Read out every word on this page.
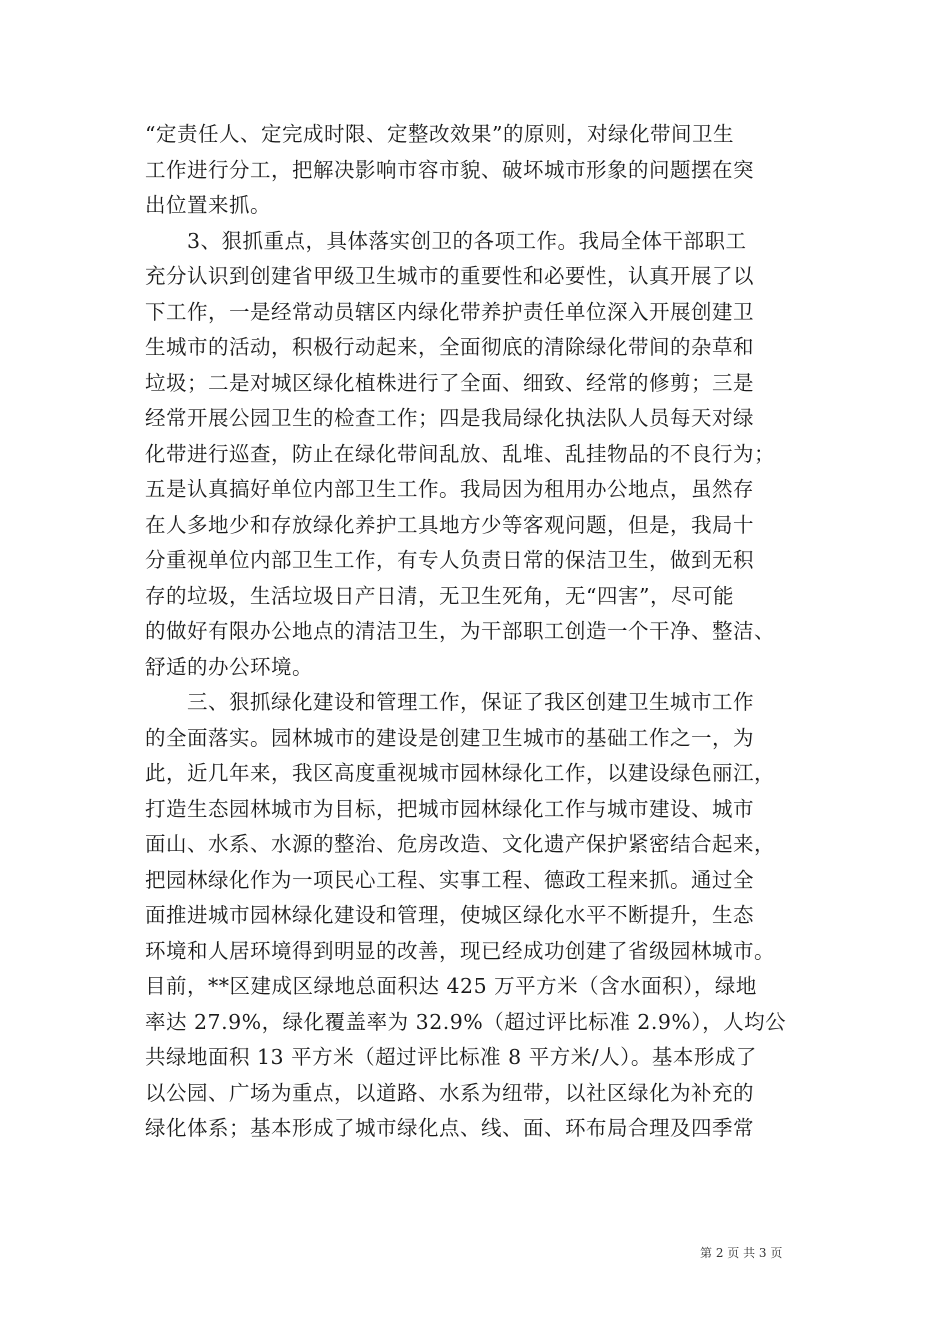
“定责任人、定完成时限、定整改效果”的原则，对绿化带间卫生
工作进行分工，把解决影响市容市貌、破坏城市形象的问题摆在突
出位置来抓。
3、狠抓重点，具体落实创卫的各项工作。我局全体干部职工
充分认识到创建省甲级卫生城市的重要性和必要性，认真开展了以
下工作，一是经常动员辖区内绿化带养护责任单位深入开展创建卫
生城市的活动，积极行动起来，全面彻底的清除绿化带间的杂草和
垃圾；二是对城区绿化植株进行了全面、细致、经常的修剪；三是
经常开展公园卫生的检查工作；四是我局绿化执法队人员每天对绿
化带进行巡查，防止在绿化带间乱放、乱堆、乱挂物品的不良行为；
五是认真搞好单位内部卫生工作。我局因为租用办公地点，虽然存
在人多地少和存放绿化养护工具地方少等客观问题，但是，我局十
分重视单位内部卫生工作，有专人负责日常的保洁卫生，做到无积
存的垃圾，生活垃圾日产日清，无卫生死角，无“四害”，尽可能
的做好有限办公地点的清洁卫生，为干部职工创造一个干净、整洁、
舒适的办公环境。
三、狠抓绿化建设和管理工作，保证了我区创建卫生城市工作
的全面落实。园林城市的建设是创建卫生城市的基础工作之一，为
此，近几年来，我区高度重视城市园林绿化工作，以建设绿色丽江，
打造生态园林城市为目标，把城市园林绿化工作与城市建设、城市
面山、水系、水源的整治、危房改造、文化遗产保护紧密结合起来，
把园林绿化作为一项民心工程、实事工程、德政工程来抓。通过全
面推进城市园林绿化建设和管理，使城区绿化水平不断提升，生态
环境和人居环境得到明显的改善，现已经成功创建了省级园林城市。
目前，**区建成区绿地总面积达 425 万平方米（含水面积），绿地
率达 27.9%，绿化覆盖率为 32.9%（超过评比标准 2.9%），人均公
共绿地面积 13 平方米（超过评比标准 8 平方米/人）。基本形成了
以公园、广场为重点，以道路、水系为纽带，以社区绿化为补充的
绿化体系；基本形成了城市绿化点、线、面、环布局合理及四季常
第 2 页 共 3 页
